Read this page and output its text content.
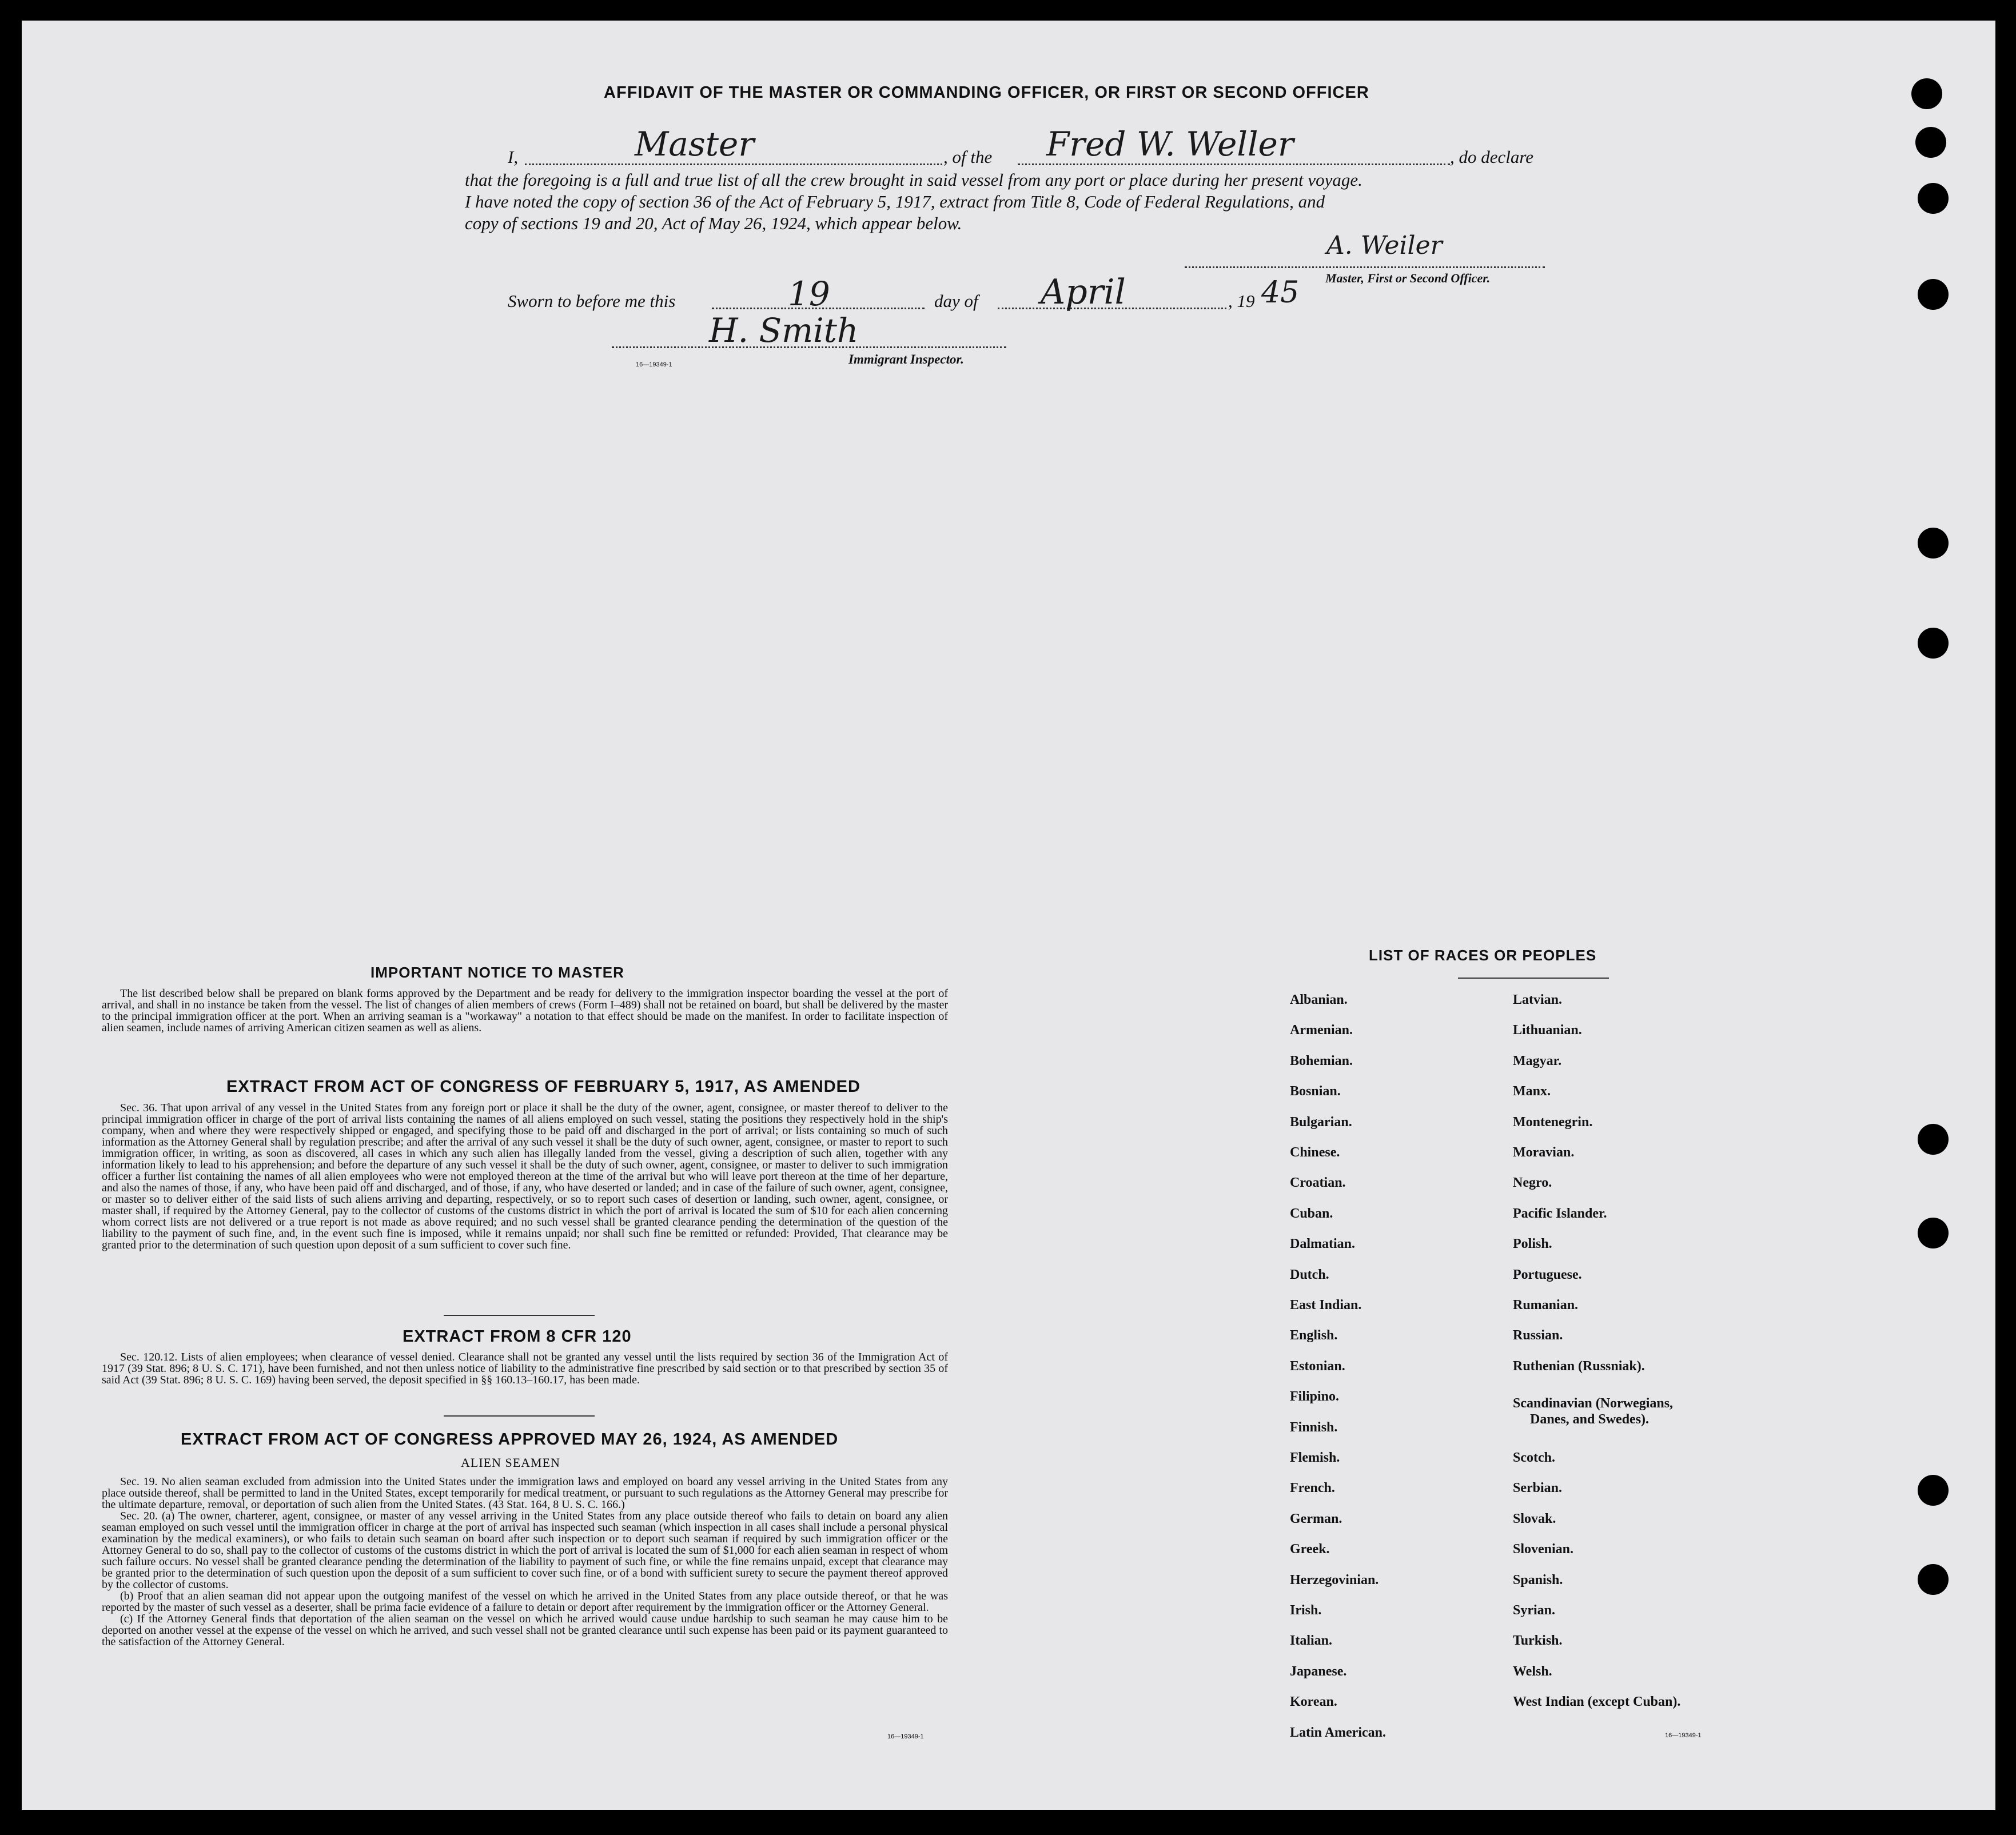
AFFIDAVIT OF THE MASTER OR COMMANDING OFFICER, OR FIRST OR SECOND OFFICER
I,	Master	, of the Fred W. Weller	, do declare
that the foregoing is a full and true list of all the crew brought in said vessel from any port or place during her present voyage.
I have noted the copy of section 36 of the Act of February 5, 1917, extract from Title 8, Code of Federal Regulations, and
copy of sections 19 and 20, Act of May 26, 1924, which appear below.
A. Weiler
Master, First or Second Officer.
Sworn to before me this	19	day of April	, 19 45
H. Smith
16—19349-1	Immigrant Inspector.
IMPORTANT NOTICE TO MASTER

The list described below shall be prepared on blank forms approved by the Department and be ready for delivery to the immigration inspector boarding the vessel at the port of arrival, and shall in no instance be taken from the vessel. The list of changes of alien members of crews (Form I–489) shall not be retained on board, but shall be delivered by the master to the principal immigration officer at the port. When an arriving seaman is a "workaway" a notation to that effect should be made on the manifest. In order to facilitate inspection of alien seamen, include names of arriving American citizen seamen as well as aliens.

EXTRACT FROM ACT OF CONGRESS OF FEBRUARY 5, 1917, AS AMENDED

Sec. 36. That upon arrival of any vessel in the United States from any foreign port or place it shall be the duty of the owner, agent, consignee, or master thereof to deliver to the principal immigration officer in charge of the port of arrival lists containing the names of all aliens employed on such vessel, stating the positions they respectively hold in the ship's company, when and where they were respectively shipped or engaged, and specifying those to be paid off and discharged in the port of arrival; or lists containing so much of such information as the Attorney General shall by regulation prescribe; and after the arrival of any such vessel it shall be the duty of such owner, agent, consignee, or master to report to such immigration officer, in writing, as soon as discovered, all cases in which any such alien has illegally landed from the vessel, giving a description of such alien, together with any information likely to lead to his apprehension; and before the departure of any such vessel it shall be the duty of such owner, agent, consignee, or master to deliver to such immigration officer a further list containing the names of all alien employees who were not employed thereon at the time of the arrival but who will leave port thereon at the time of her departure, and also the names of those, if any, who have been paid off and discharged, and of those, if any, who have deserted or landed; and in case of the failure of such owner, agent, consignee, or master so to deliver either of the said lists of such aliens arriving and departing, respectively, or so to report such cases of desertion or landing, such owner, agent, consignee, or master shall, if required by the Attorney General, pay to the collector of customs of the customs district in which the port of arrival is located the sum of $10 for each alien concerning whom correct lists are not delivered or a true report is not made as above required; and no such vessel shall be granted clearance pending the determination of the question of the liability to the payment of such fine, and, in the event such fine is imposed, while it remains unpaid; nor shall such fine be remitted or refunded: Provided, That clearance may be granted prior to the determination of such question upon deposit of a sum sufficient to cover such fine.

EXTRACT FROM 8 CFR 120

Sec. 120.12. Lists of alien employees; when clearance of vessel denied. Clearance shall not be granted any vessel until the lists required by section 36 of the Immigration Act of 1917 (39 Stat. 896; 8 U. S. C. 171), have been furnished, and not then unless notice of liability to the administrative fine prescribed by said section or to that prescribed by section 35 of said Act (39 Stat. 896; 8 U. S. C. 169) having been served, the deposit specified in §§ 160.13–160.17, has been made.

EXTRACT FROM ACT OF CONGRESS APPROVED MAY 26, 1924, AS AMENDED
ALIEN SEAMEN

Sec. 19. No alien seaman excluded from admission into the United States under the immigration laws and employed on board any vessel arriving in the United States from any place outside thereof, shall be permitted to land in the United States, except temporarily for medical treatment, or pursuant to such regulations as the Attorney General may prescribe for the ultimate departure, removal, or deportation of such alien from the United States. (43 Stat. 164, 8 U. S. C. 166.)

Sec. 20. (a) The owner, charterer, agent, consignee, or master of any vessel arriving in the United States from any place outside thereof who fails to detain on board any alien seaman employed on such vessel until the immigration officer in charge at the port of arrival has inspected such seaman (which inspection in all cases shall include a personal physical examination by the medical examiners), or who fails to detain such seaman on board after such inspection or to deport such seaman if required by such immigration officer or the Attorney General to do so, shall pay to the collector of customs of the customs district in which the port of arrival is located the sum of $1,000 for each alien seaman in respect of whom such failure occurs. No vessel shall be granted clearance pending the determination of the liability to payment of such fine, or while the fine remains unpaid, except that clearance may be granted prior to the determination of such question upon the deposit of a sum sufficient to cover such fine, or of a bond with sufficient surety to secure the payment thereof approved by the collector of customs.

(b) Proof that an alien seaman did not appear upon the outgoing manifest of the vessel on which he arrived in the United States from any place outside thereof, or that he was reported by the master of such vessel as a deserter, shall be prima facie evidence of a failure to detain or deport after requirement by the immigration officer or the Attorney General.

(c) If the Attorney General finds that deportation of the alien seaman on the vessel on which he arrived would cause undue hardship to such seaman he may cause him to be deported on another vessel at the expense of the vessel on which he arrived, and such vessel shall not be granted clearance until such expense has been paid or its payment guaranteed to the satisfaction of the Attorney General.

16—19349-1
LIST OF RACES OR PEOPLES
Albanian.
Armenian.
Bohemian.
Bosnian.
Bulgarian.
Chinese.
Croatian.
Cuban.
Dalmatian.
Dutch.
East Indian.
English.
Estonian.
Filipino.
Finnish.
Flemish.
French.
German.
Greek.
Herzegovinian.
Irish.
Italian.
Japanese.
Korean.
Latin American.
Latvian.
Lithuanian.
Magyar.
Manx.
Montenegrin.
Moravian.
Negro.
Pacific Islander.
Polish.
Portuguese.
Rumanian.
Russian.
Ruthenian (Russniak).
Scandinavian (Norwegians,
Danes, and Swedes).
Scotch.
Serbian.
Slovak.
Slovenian.
Spanish.
Syrian.
Turkish.
Welsh.
West Indian (except Cuban).
16—19349-1
